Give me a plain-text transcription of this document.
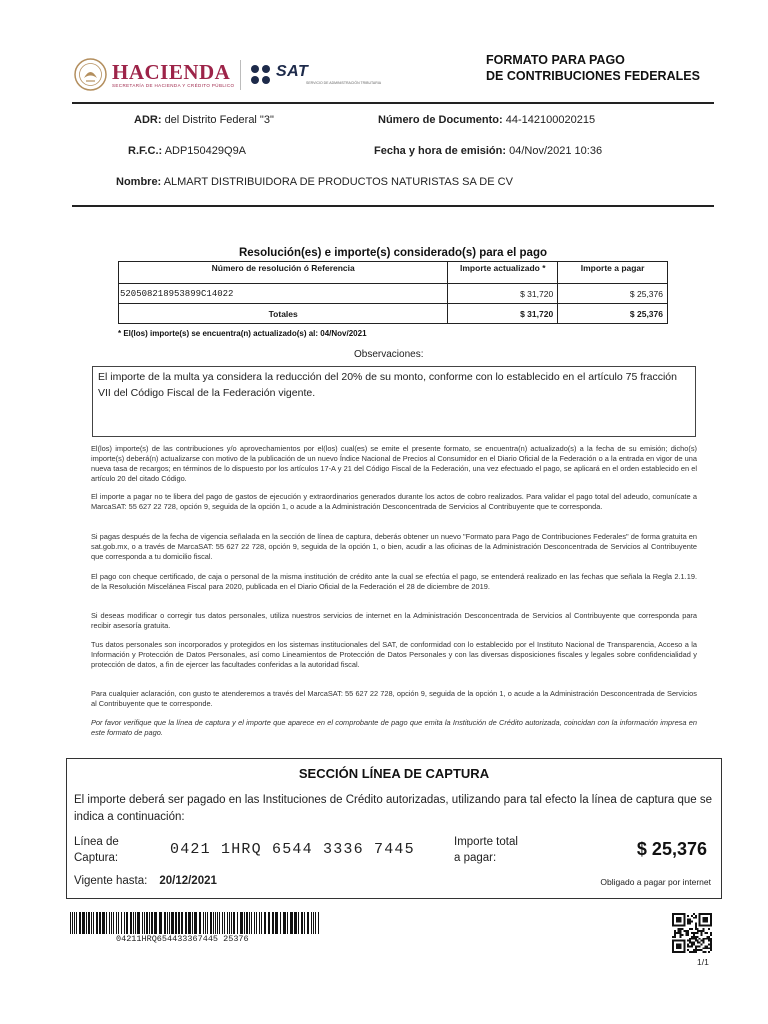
HACIENDA
SECRETARÍA DE HACIENDA Y CRÉDITO PÚBLICO
SAT
SERVICIO DE ADMINISTRACIÓN TRIBUTARIA
FORMATO PARA PAGO
DE CONTRIBUCIONES FEDERALES
ADR: del Distrito Federal "3"	Número de Documento: 44-142100020215
R.F.C.: ADP150429Q9A	Fecha y hora de emisión: 04/Nov/2021 10:36
Nombre: ALMART DISTRIBUIDORA DE PRODUCTOS NATURISTAS SA DE CV
Resolución(es) e importe(s) considerado(s) para el pago
Número de resolución ó Referencia	Importe actualizado *	Importe a pagar
520508218953899C14022	$ 31,720	$ 25,376
Totales	$ 31,720	$ 25,376
* El(los) importe(s) se encuentra(n) actualizado(s) al: 04/Nov/2021
Observaciones:
El importe de la multa ya considera la reducción del 20% de su monto, conforme con lo establecido en el artículo 75 fracción VII del Código Fiscal de la Federación vigente.
El(los) importe(s) de las contribuciones y/o aprovechamientos por el(los) cual(es) se emite el presente formato, se encuentra(n) actualizado(s) a la fecha de su emisión; dicho(s) importe(s) deberá(n) actualizarse con motivo de la publicación de un nuevo Índice Nacional de Precios al Consumidor en el Diario Oficial de la Federación o a la entrada en vigor de una nueva tasa de recargos; en términos de lo dispuesto por los artículos 17-A y 21 del Código Fiscal de la Federación, una vez efectuado el pago, se aplicará en el orden establecido en el artículo 20 del citado Código.
El importe a pagar no te libera del pago de gastos de ejecución y extraordinarios generados durante los actos de cobro realizados. Para validar el pago total del adeudo, comunícate a MarcaSAT: 55 627 22 728, opción 9, seguida de la opción 1, o acude a la Administración Desconcentrada de Servicios al Contribuyente que te corresponda.
Si pagas después de la fecha de vigencia señalada en la sección de línea de captura, deberás obtener un nuevo "Formato para Pago de Contribuciones Federales" de forma gratuita en sat.gob.mx, o a través de MarcaSAT: 55 627 22 728, opción 9, seguida de la opción 1, o bien, acudir a las oficinas de la Administración Desconcentrada de Servicios al Contribuyente que corresponda a tu domicilio fiscal.
El pago con cheque certificado, de caja o personal de la misma institución de crédito ante la cual se efectúa el pago, se entenderá realizado en las fechas que señala la Regla 2.1.19. de la Resolución Miscelánea Fiscal para 2020, publicada en el Diario Oficial de la Federación el 28 de diciembre de 2019.
Si deseas modificar o corregir tus datos personales, utiliza nuestros servicios de internet en la Administración Desconcentrada de Servicios al Contribuyente que corresponda para recibir asesoría gratuita.
Tus datos personales son incorporados y protegidos en los sistemas institucionales del SAT, de conformidad con lo establecido por el Instituto Nacional de Transparencia, Acceso a la Información y Protección de Datos Personales, así como Lineamientos de Protección de Datos Personales y con las diversas disposiciones fiscales y legales sobre confidencialidad y protección de datos, a fin de ejercer las facultades conferidas a la autoridad fiscal.
Para cualquier aclaración, con gusto te atenderemos a través del MarcaSAT: 55 627 22 728, opción 9, seguida de la opción 1, o acude a la Administración Desconcentrada de Servicios al Contribuyente que te corresponde.
Por favor verifique que la línea de captura y el importe que aparece en el comprobante de pago que emita la Institución de Crédito autorizada, coincidan con la información impresa en este formato de pago.
SECCIÓN LÍNEA DE CAPTURA
El importe deberá ser pagado en las Instituciones de Crédito autorizadas, utilizando para tal efecto la línea de captura que se indica a continuación:
Línea de
Captura:	0421 1HRQ 6544 3336 7445	Importe total
a pagar:	$ 25,376
Vigente hasta: 20/12/2021	Obligado a pagar por internet
04211HRQ654433367445 25376
1/1
